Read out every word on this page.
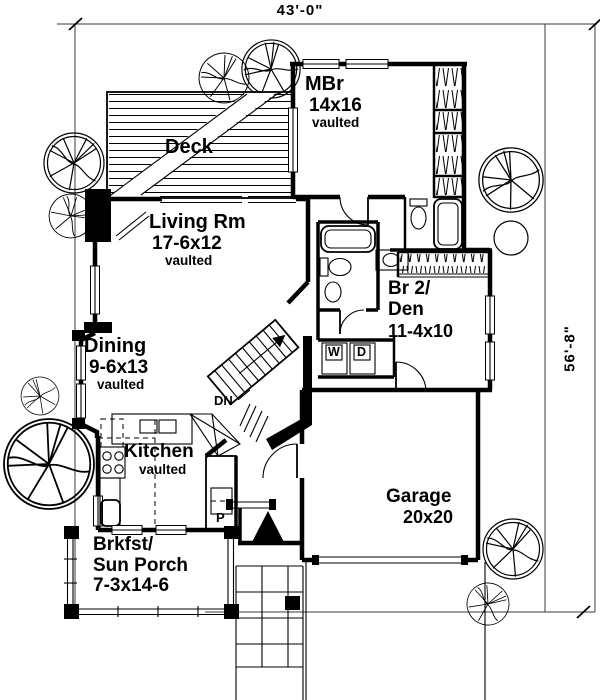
43'-0"
56'-8"
Deck
MBr
14x16
vaulted
Living Rm
17-6x12
vaulted
Br 2/
Den
11-4x10
Dining
9-6x13
vaulted
Kitchen
vaulted
Garage
20x20
Brkfst/
Sun Porch
7-3x14-6
DN
W D
P
